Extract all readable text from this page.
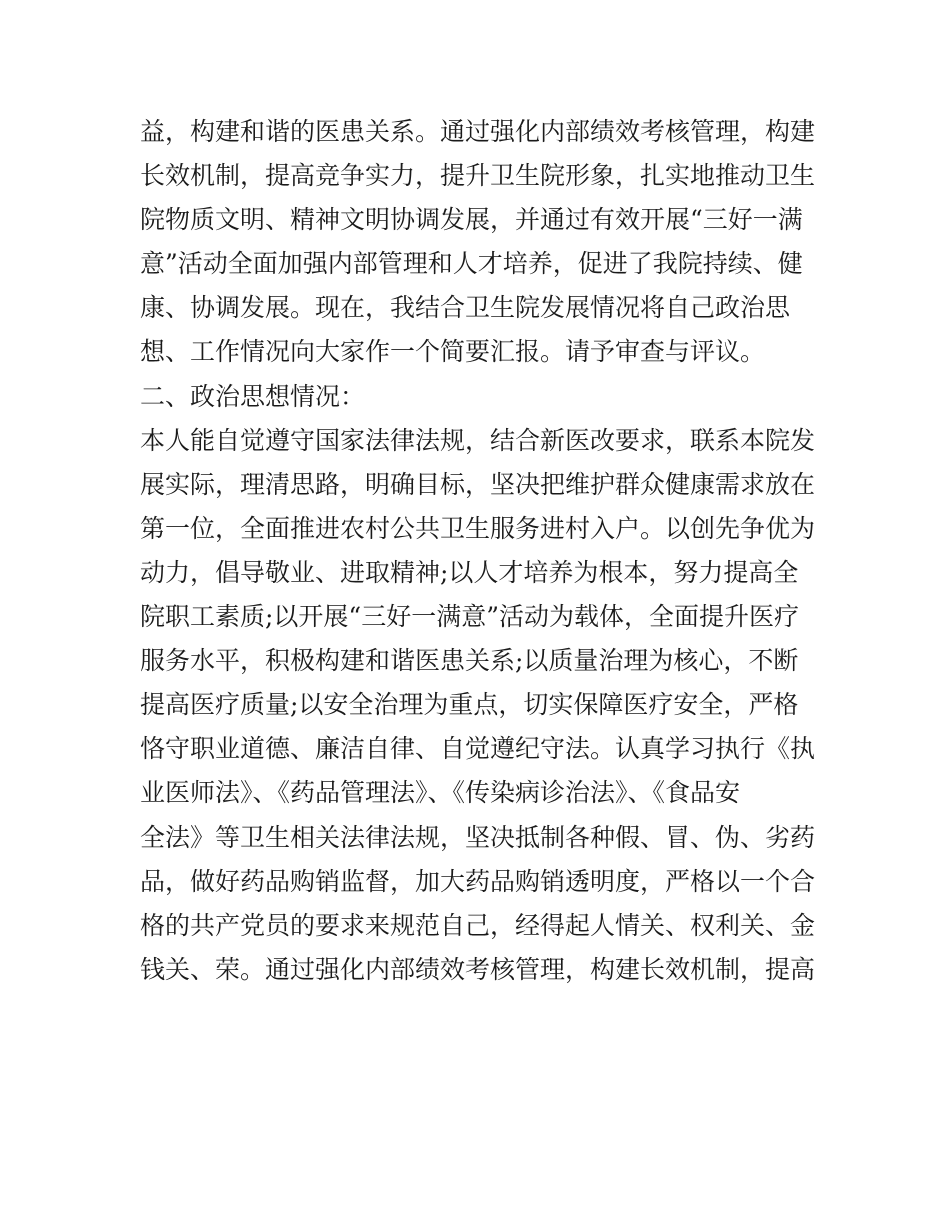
益，构建和谐的医患关系。通过强化内部绩效考核管理，构建
长效机制，提高竞争实力，提升卫生院形象，扎实地推动卫生
院物质文明、精神文明协调发展，并通过有效开展“三好一满
意”活动全面加强内部管理和人才培养，促进了我院持续、健
康、协调发展。现在，我结合卫生院发展情况将自己政治思
想、工作情况向大家作一个简要汇报。请予审查与评议。
二、政治思想情况：
本人能自觉遵守国家法律法规，结合新医改要求，联系本院发
展实际，理清思路，明确目标，坚决把维护群众健康需求放在
第一位，全面推进农村公共卫生服务进村入户。以创先争优为
动力，倡导敬业、进取精神;以人才培养为根本，努力提高全
院职工素质;以开展“三好一满意”活动为载体，全面提升医疗
服务水平，积极构建和谐医患关系;以质量治理为核心，不断
提高医疗质量;以安全治理为重点，切实保障医疗安全，严格
恪守职业道德、廉洁自律、自觉遵纪守法。认真学习执行《执
业医师法》、《药品管理法》、《传染病诊治法》、《食品安
全法》等卫生相关法律法规，坚决抵制各种假、冒、伪、劣药
品，做好药品购销监督，加大药品购销透明度，严格以一个合
格的共产党员的要求来规范自己，经得起人情关、权利关、金
钱关、荣。通过强化内部绩效考核管理，构建长效机制，提高
